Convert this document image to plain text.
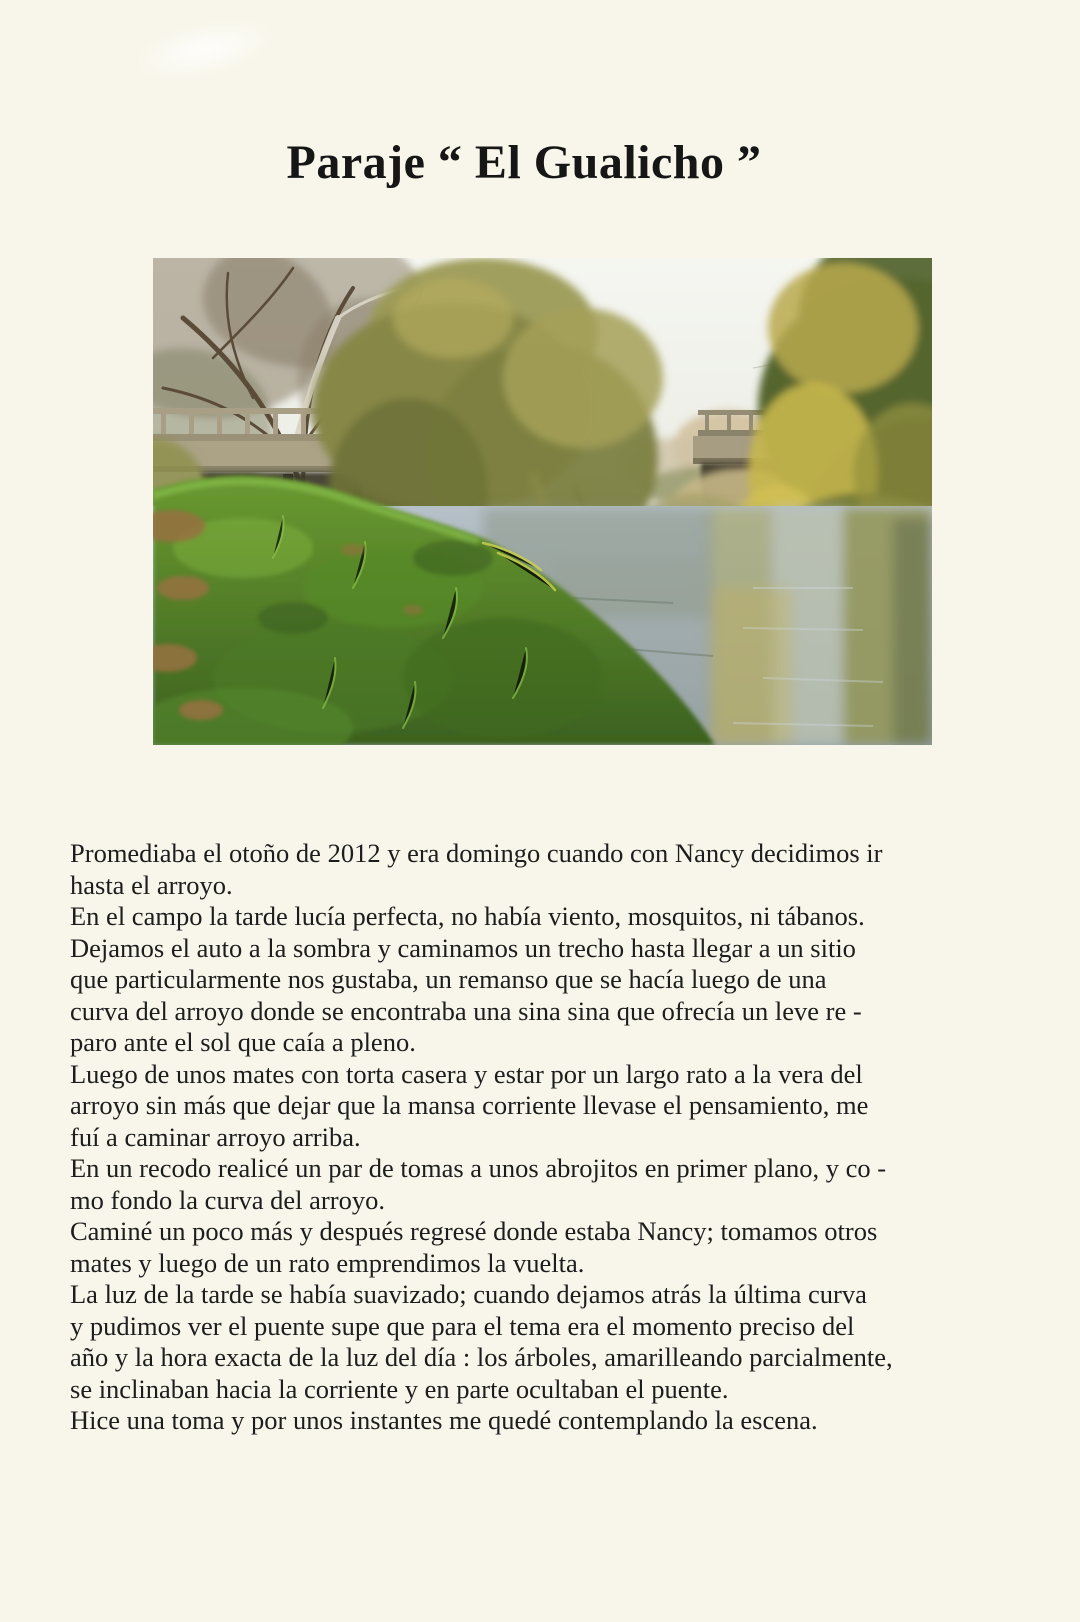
Paraje “ El Gualicho ”
Promediaba el otoño de 2012 y era domingo cuando con Nancy decidimos ir
hasta el arroyo.
En el campo la tarde lucía perfecta, no había viento, mosquitos, ni tábanos.
Dejamos el auto a la sombra y caminamos un trecho hasta llegar a un sitio
que particularmente nos gustaba, un remanso que se hacía luego de una
curva del arroyo donde se encontraba una sina sina que ofrecía un leve re -
paro ante el sol que caía a pleno.
Luego de unos mates con torta casera y estar por un largo rato a la vera del
arroyo sin más que dejar que la mansa corriente llevase el pensamiento, me
fuí a caminar arroyo arriba.
En un recodo realicé un par de tomas a unos abrojitos en primer plano, y co -
mo fondo la curva del arroyo.
Caminé un poco más y después regresé donde estaba Nancy; tomamos otros
mates y luego de un rato emprendimos la vuelta.
La luz de la tarde se había suavizado; cuando dejamos atrás la última curva
y pudimos ver el puente supe que para el tema era el momento preciso del
año y la hora exacta de la luz del día : los árboles, amarilleando parcialmente,
se inclinaban hacia la corriente y en parte ocultaban el puente.
Hice una toma y por unos instantes me quedé contemplando la escena.
